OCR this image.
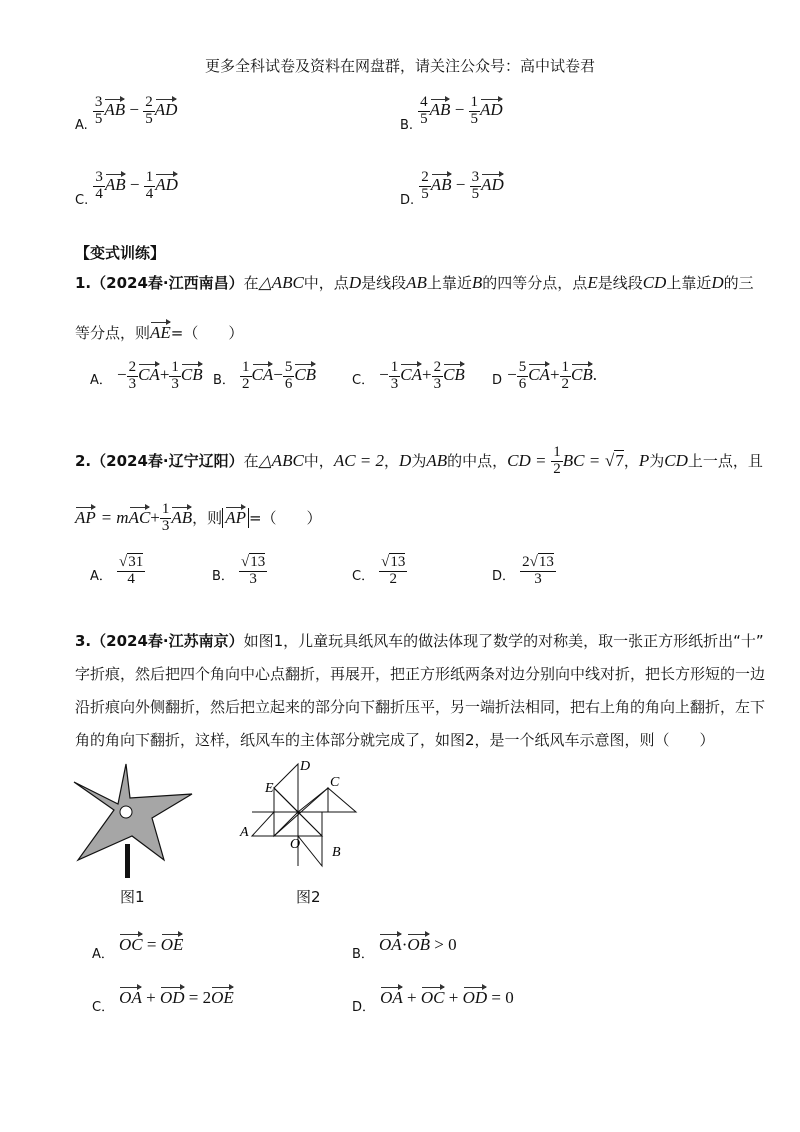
更多全科试卷及资料在网盘群，请关注公众号：高中试卷君
$_{A.} \frac{3}{5}$ AB − $\frac{2}{5}$ AD
$_{B.} \frac{4}{5}$ AB − $\frac{1}{5}$ AD
$_{C.} \frac{3}{4}$ AB − $\frac{1}{4}$ AD
$_{D.} \frac{2}{5}$ AB − $\frac{3}{5}$ AD
【变式训练】
1.（2024春·江西南昌）在△ABC中，点D是线段AB上靠近B的四等分点，点E是线段CD上靠近D的三
等分点，则AE=（　　）
$_{A.} - \frac{2}{3} CA+ \frac{1}{3}$ CB $_{B.} \frac{1}{2} CA- \frac{5}{6}$ CB	$_{C.} - \frac{1}{3} CA+ \frac{2}{3}$ CB $_D - \frac{5}{6} CA+ \frac{1}{2}$ CB.
2.（2024春·辽宁辽阳）在△ABC中，AC = 2，D为AB的中点，CD = $\frac{1}{2}$ BC = √7，P为CD上一点，且
AP = $mAC+ \frac{1}{3}$ AB，则 AP =（　　）
$_{A.} \frac{√31}{4}$	$_{B.} \frac{√13}{3}$	$_{C.} \frac{√13}{2}$	$_{D.} \frac{2√13}{3}$
3.（2024春·江苏南京）如图1，儿童玩具纸风车的做法体现了数学的对称美，取一张正方形纸折出“十”
字折痕，然后把四个角向中心点翻折，再展开，把正方形纸两条对边分别向中线对折，把长方形短的一边
沿折痕向外侧翻折，然后把立起来的部分向下翻折压平，另一端折法相同，把右上角的角向上翻折，左下
角的角向下翻折，这样，纸风车的主体部分就完成了，如图2，是一个纸风车示意图，则（　　）
图1
D
E	C
A
O
B
图2
$_{A.}$ OC = OE
$_{B.}$ OA·OB > 0
$_{C.}$ OA + OD = 2OE
$_{D.}$ OA + OC + OD = 0
